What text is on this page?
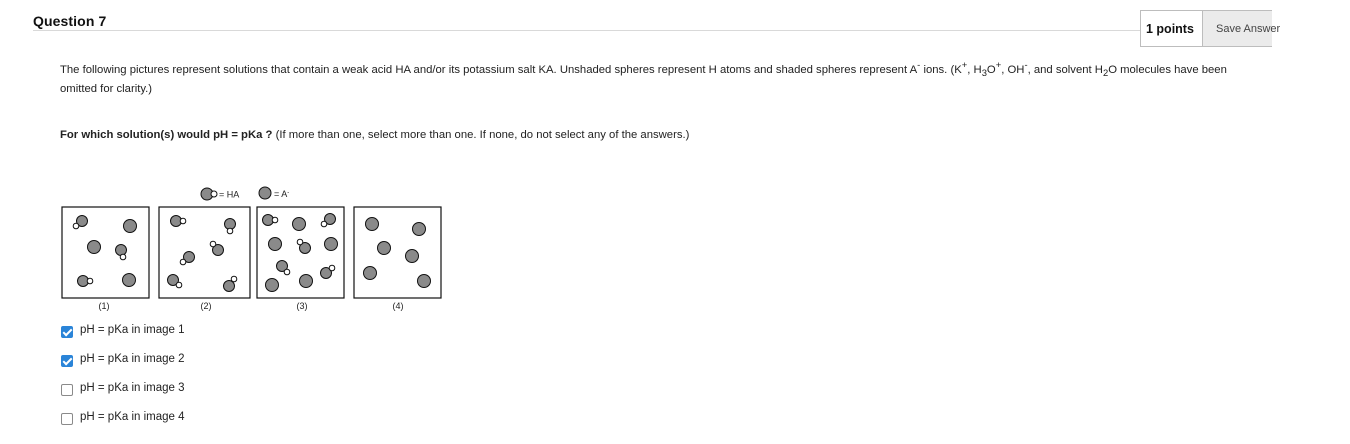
Question 7	1 points	Save Answer
The following pictures represent solutions that contain a weak acid HA and/or its potassium salt KA. Unshaded spheres represent H atoms and shaded spheres represent A- ions. (K+, $H_3O^+$, OH-, and solvent $H_2O$ molecules have been omitted for clarity.)
For which solution(s) would pH = pKa ? (If more than one, select more than one. If none, do not select any of the answers.)
= HA	= A-
(1)	(2)	(3)	(4)
pH = pKa in image 1
pH = pKa in image 2
pH = pKa in image 3
pH = pKa in image 4
